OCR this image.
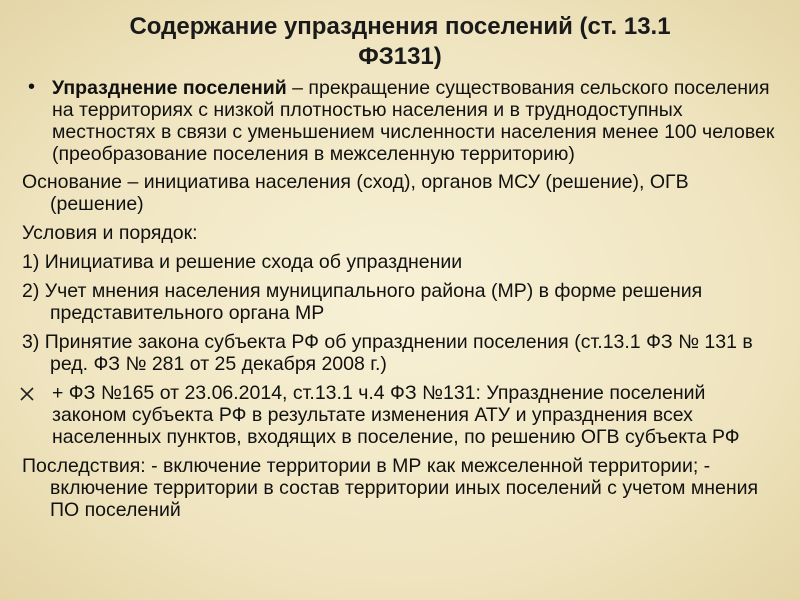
Содержание упразднения поселений (ст. 13.1
ФЗ131)
• Упразднение поселений – прекращение существования сельского поселения на территориях с низкой плотностью населения и в труднодоступных местностях в связи с уменьшением численности населения менее 100 человек (преобразование поселения в межселенную территорию)
Основание – инициатива населения (сход), органов МСУ (решение), ОГВ (решение)
Условия и порядок:
1) Инициатива и решение схода об упразднении
2) Учет мнения населения муниципального района (МР) в форме решения представительного органа МР
3) Принятие закона субъекта РФ об упразднении поселения (ст.13.1 ФЗ № 131 в ред. ФЗ № 281 от 25 декабря 2008 г.)
+ ФЗ №165 от 23.06.2014, ст.13.1 ч.4 ФЗ №131: Упразднение поселений законом субъекта РФ в результате изменения АТУ и упразднения всех населенных пунктов, входящих в поселение, по решению ОГВ субъекта РФ
Последствия: - включение территории в МР как межселенной территории; - включение территории в состав территории иных поселений с учетом мнения ПО поселений
